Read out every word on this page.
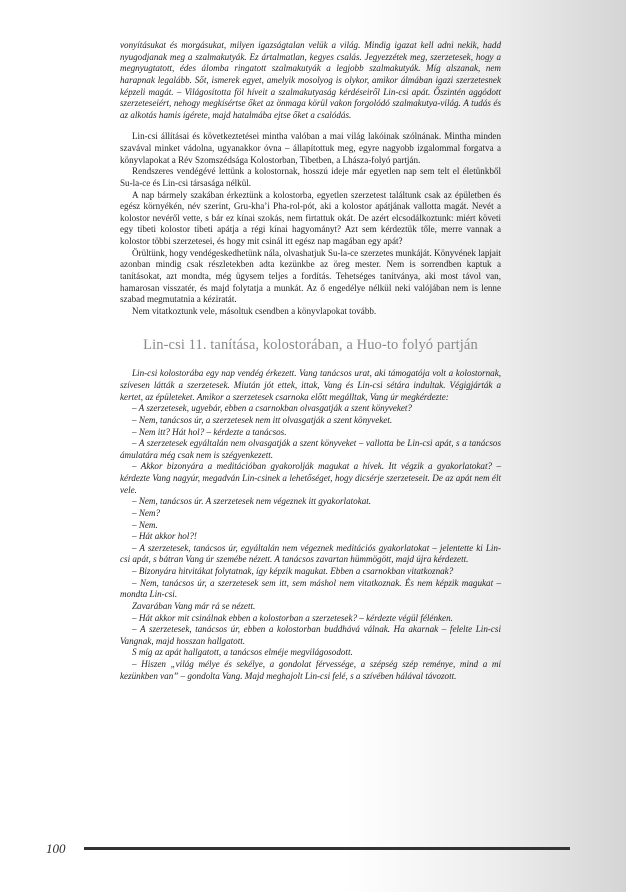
vonyításukat és morgásukat, milyen igazságtalan velük a világ. Mindig igazat kell adni nekik, hadd nyugodjanak meg a szalmakutyák. Ez ártalmatlan, kegyes csalás. Jegyezzétek meg, szerzetesek, hogy a megnyugtatott, édes álomba ringatott szalmakutyák a legjobb szalmakutyák. Míg alszanak, nem harapnak legalább. Sőt, ismerek egyet, amelyik mosolyog is olykor, amikor álmában igazi szerzetesnek képzeli magát. – Világosította föl híveit a szalmakutyaság kérdéseiről Lin-csi apát. Őszintén aggódott szerzeteseiért, nehogy megkísértse őket az önmaga körül vakon forgolódó szalmakutya-világ. A tudás és az alkotás hamis ígérete, majd hatalmába ejtse őket a csalódás.

Lin-csi állításai és következtetései mintha valóban a mai világ lakóinak szólnának. Mintha minden szavával minket vádolna, ugyanakkor óvna – állapítottuk meg, egyre nagyobb izgalommal forgatva a könyvlapokat a Rév Szomszédsága Kolostorban, Tibetben, a Lhásza-folyó partján.

Rendszeres vendégévé lettünk a kolostornak, hosszú ideje már egyetlen nap sem telt el életünkből Su-la-ce és Lin-csi társasága nélkül.

A nap bármely szakában érkeztünk a kolostorba, egyetlen szerzetest találtunk csak az épületben és egész környékén, név szerint, Gru-kha’i Pha-rol-pót, aki a kolostor apátjának vallotta magát. Nevét a kolostor nevéről vette, s bár ez kínai szokás, nem firtattuk okát. De azért elcsodálkoztunk: miért követi egy tibeti kolostor tibeti apátja a régi kínai hagyományt? Azt sem kérdeztük tőle, merre vannak a kolostor többi szerzetesei, és hogy mit csinál itt egész nap magában egy apát?

Örültünk, hogy vendégeskedhetünk nála, olvashatjuk Su-la-ce szerzetes munkáját. Könyvének lapjait azonban mindig csak részletekben adta kezünkbe az öreg mester. Nem is sorrendben kaptuk a tanításokat, azt mondta, még ügysem teljes a fordítás. Tehetséges tanítványa, aki most távol van, hamarosan visszatér, és majd folytatja a munkát. Az ő engedélye nélkül neki valójában nem is lenne szabad megmutatnia a kéziratát.

Nem vitatkoztunk vele, másoltuk csendben a könyvlapokat tovább.

Lin-csi 11. tanítása, kolostorában, a Huo-to folyó partján

Lin-csi kolostorába egy nap vendég érkezett. Vang tanácsos urat, aki támogatója volt a kolostornak, szívesen látták a szerzetesek. Miután jót ettek, ittak, Vang és Lin-csi sétára indultak. Végigjárták a kertet, az épületeket. Amikor a szerzetesek csarnoka előtt megálltak, Vang úr megkérdezte:

– A szerzetesek, ugyebár, ebben a csarnokban olvasgatják a szent könyveket?

– Nem, tanácsos úr, a szerzetesek nem itt olvasgatják a szent könyveket.

– Nem itt? Hát hol? – kérdezte a tanácsos.

– A szerzetesek egyáltalán nem olvasgatják a szent könyveket – vallotta be Lin-csi apát, s a tanácsos ámulatára még csak nem is szégyenkezett.

– Akkor bizonyára a meditációban gyakorolják magukat a hívek. Itt végzik a gyakorlatokat? – kérdezte Vang nagyúr, megadván Lin-csinek a lehetőséget, hogy dicsérje szerzeteseit. De az apát nem élt vele.

– Nem, tanácsos úr. A szerzetesek nem végeznek itt gyakorlatokat.

– Nem?

– Nem.

– Hát akkor hol?!

– A szerzetesek, tanácsos úr, egyáltalán nem végeznek meditációs gyakorlatokat – jelentette ki Lin-csi apát, s bátran Vang úr szemébe nézett. A tanácsos zavartan hümmögött, majd újra kérdezett.

– Bizonyára hitvitákat folytatnak, így képzik magukat. Ebben a csarnokban vitatkoznak?

– Nem, tanácsos úr, a szerzetesek sem itt, sem máshol nem vitatkoznak. És nem képzik magukat – mondta Lin-csi.

Zavarában Vang már rá se nézett.

– Hát akkor mit csinálnak ebben a kolostorban a szerzetesek? – kérdezte végül félénken.

– A szerzetesek, tanácsos úr, ebben a kolostorban buddhává válnak. Ha akarnak – felelte Lin-csi Vangnak, majd hosszan hallgatott.

S míg az apát hallgatott, a tanácsos elméje megvilágosodott.

– Hiszen „világ mélye és sekélye, a gondolat férvessége, a szépség szép reménye, mind a mi kezünkben van” – gondolta Vang. Majd meghajolt Lin-csi felé, s a szívében hálával távozott.

100
